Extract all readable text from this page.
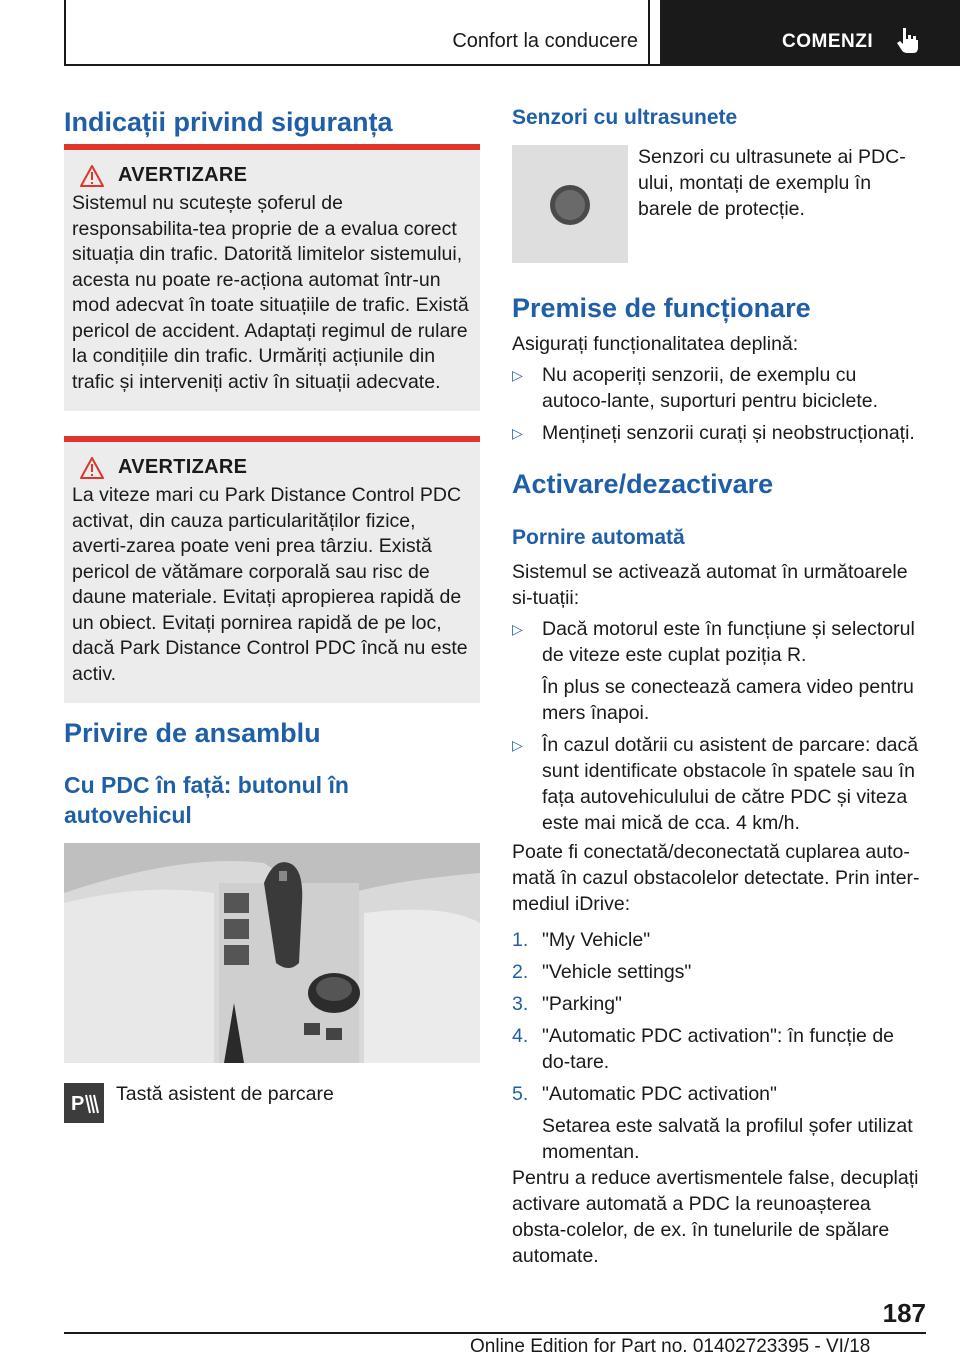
Confort la conducere	COMENZI
Indicații privind siguranța
AVERTIZARE

Sistemul nu scutește șoferul de responsabilita-tea proprie de a evalua corect situația din trafic. Datorită limitelor sistemului, acesta nu poate re-acționa automat într-un mod adecvat în toate situațiile de trafic. Există pericol de accident. Adaptați regimul de rulare la condițiile din trafic. Urmăriți acțiunile din trafic și interveniți activ în situații adecvate.

AVERTIZARE

La viteze mari cu Park Distance Control PDC activat, din cauza particularităților fizice, averti-zarea poate veni prea târziu. Există pericol de vătămare corporală sau risc de daune materiale. Evitați apropierea rapidă de un obiect. Evitați pornirea rapidă de pe loc, dacă Park Distance Control PDC încă nu este activ.

Privire de ansamblu
Cu PDC în față: butonul în autovehicul
P Tastă asistent de parcare

Senzori cu ultrasunete

Senzori cu ultrasunete ai PDC-ului, montați de exemplu în barele de protecție.

Premise de funcționare

Asigurați funcționalitatea deplină:

▷ Nu acoperiți senzorii, de exemplu cu autoco-lante, suporturi pentru biciclete.
▷ Mențineți senzorii curați și neobstrucționați.
Activare/dezactivare
Pornire automată

Sistemul se activează automat în următoarele si-tuații:

▷ Dacă motorul este în funcțiune și selectorul de viteze este cuplat poziția R.
În plus se conectează camera video pentru mers înapoi.
▷ În cazul dotării cu asistent de parcare: dacă sunt identificate obstacole în spatele sau în fața autovehiculului de către PDC și viteza este mai mică de cca. 4 km/h.

Poate fi conectată/deconectată cuplarea auto-mată în cazul obstacolelor detectate. Prin inter-mediul iDrive:

1. "My Vehicle"
2. "Vehicle settings"
3. "Parking"
4. "Automatic PDC activation": în funcție de do-tare.
5. "Automatic PDC activation"
Setarea este salvată la profilul șofer utilizat momentan.

Pentru a reduce avertismentele false, decuplați activare automată a PDC la reunoașterea obsta-colelor, de ex. în tunelurile de spălare automate.

187
Online Edition for Part no. 01402723395 - VI/18
